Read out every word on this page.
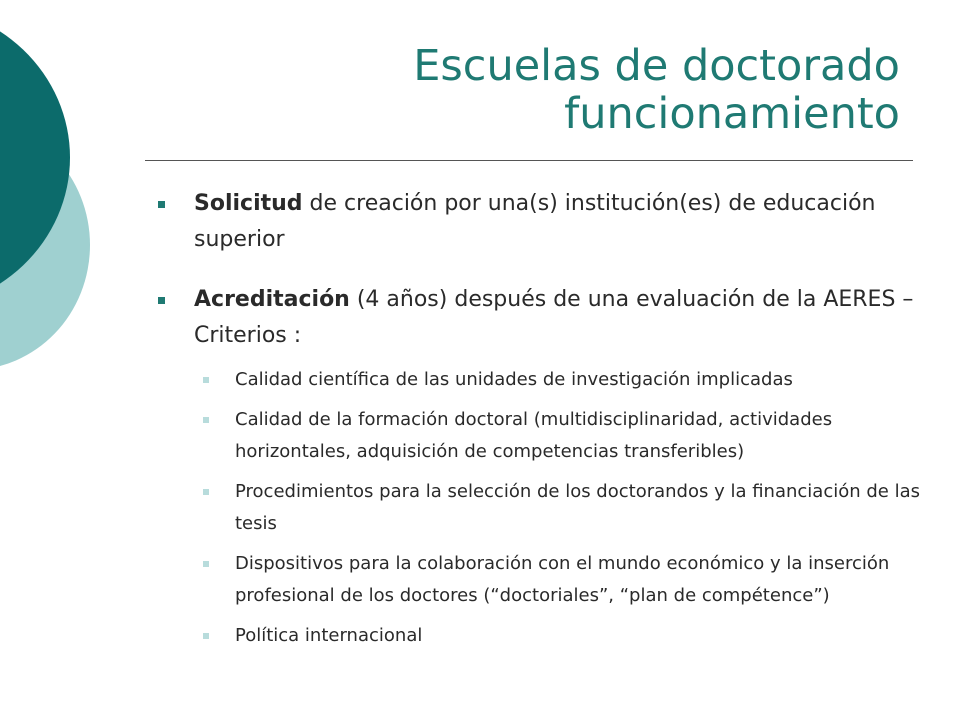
Escuelas de doctorado
funcionamiento
Solicitud de creación por una(s) institución(es) de educación superior
Acreditación (4 años) después de una evaluación de la AERES – Criterios :
Calidad científica de las unidades de investigación implicadas
Calidad de la formación doctoral (multidisciplinaridad, actividades horizontales, adquisición de competencias transferibles)
Procedimientos para la selección de los doctorandos y la financiación de las tesis
Dispositivos para la colaboración con el mundo económico y la inserción profesional de los doctores (“doctoriales”, “plan de compétence”)
Política internacional
